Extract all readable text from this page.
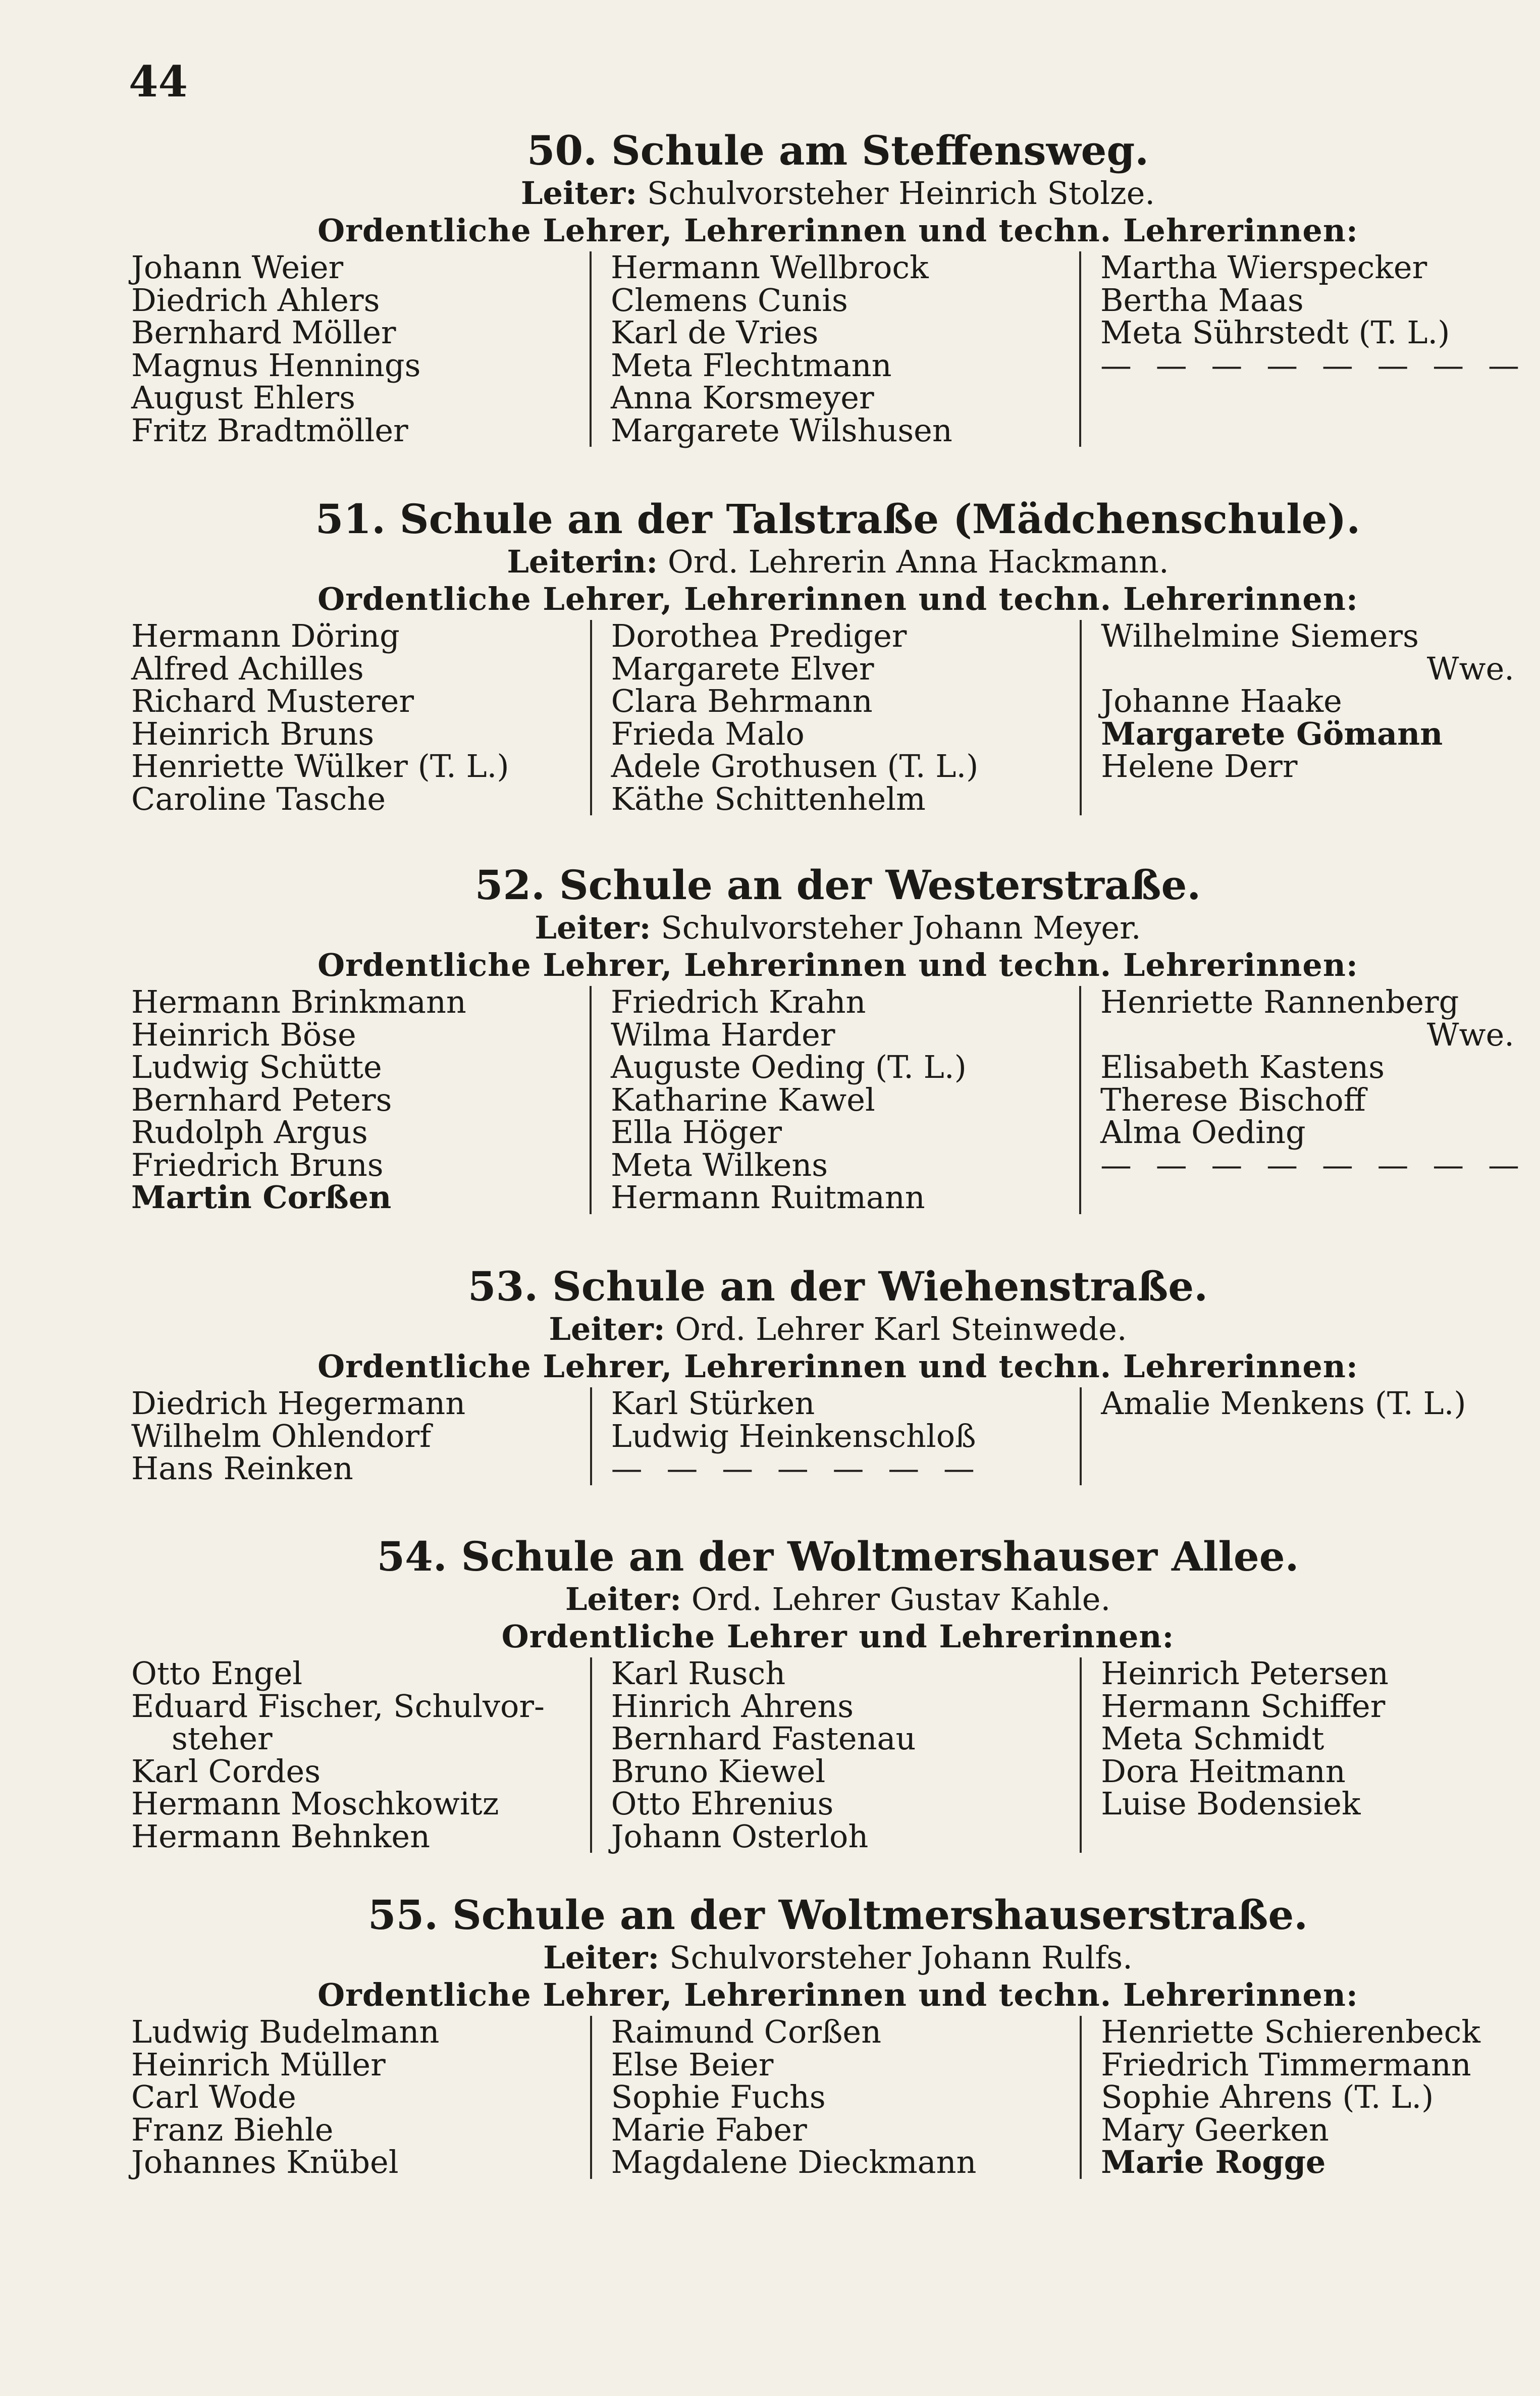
44
50. Schule am Steffensweg.
Leiter: Schulvorsteher Heinrich Stolze.
Ordentliche Lehrer, Lehrerinnen und techn. Lehrerinnen:
Johann Weier
Diedrich Ahlers
Bernhard Möller
Magnus Hennings
August Ehlers
Fritz Bradtmöller
Hermann Wellbrock
Clemens Cunis
Karl de Vries
Meta Flechtmann
Anna Korsmeyer
Margarete Wilshusen
Martha Wierspecker
Bertha Maas
Meta Sührstedt (T. L.)
— — — — — — — —
51. Schule an der Talstraße (Mädchenschule).
Leiterin: Ord. Lehrerin Anna Hackmann.
Ordentliche Lehrer, Lehrerinnen und techn. Lehrerinnen:
Hermann Döring
Alfred Achilles
Richard Musterer
Heinrich Bruns
Henriette Wülker (T. L.)
Caroline Tasche
Dorothea Prediger
Margarete Elver
Clara Behrmann
Frieda Malo
Adele Grothusen (T. L.)
Käthe Schittenhelm
Wilhelmine Siemers
Wwe.
Johanne Haake
Margarete Gömann
Helene Derr
52. Schule an der Westerstraße.
Leiter: Schulvorsteher Johann Meyer.
Ordentliche Lehrer, Lehrerinnen und techn. Lehrerinnen:
Hermann Brinkmann
Heinrich Böse
Ludwig Schütte
Bernhard Peters
Rudolph Argus
Friedrich Bruns
Martin Corßen
Friedrich Krahn
Wilma Harder
Auguste Oeding (T. L.)
Katharine Kawel
Ella Höger
Meta Wilkens
Hermann Ruitmann
Henriette Rannenberg
Wwe.
Elisabeth Kastens
Therese Bischoff
Alma Oeding
— — — — — — — —
53. Schule an der Wiehenstraße.
Leiter: Ord. Lehrer Karl Steinwede.
Ordentliche Lehrer, Lehrerinnen und techn. Lehrerinnen:
Diedrich Hegermann
Wilhelm Ohlendorf
Hans Reinken
Karl Stürken
Ludwig Heinkenschloß
— — — — — — —
Amalie Menkens (T. L.)
54. Schule an der Woltmershauser Allee.
Leiter: Ord. Lehrer Gustav Kahle.
Ordentliche Lehrer und Lehrerinnen:
Otto Engel
Eduard Fischer, Schulvor-
steher
Karl Cordes
Hermann Moschkowitz
Hermann Behnken
Karl Rusch
Hinrich Ahrens
Bernhard Fastenau
Bruno Kiewel
Otto Ehrenius
Johann Osterloh
Heinrich Petersen
Hermann Schiffer
Meta Schmidt
Dora Heitmann
Luise Bodensiek
55. Schule an der Woltmershauserstraße.
Leiter: Schulvorsteher Johann Rulfs.
Ordentliche Lehrer, Lehrerinnen und techn. Lehrerinnen:
Ludwig Budelmann
Heinrich Müller
Carl Wode
Franz Biehle
Johannes Knübel
Raimund Corßen
Else Beier
Sophie Fuchs
Marie Faber
Magdalene Dieckmann
Henriette Schierenbeck
Friedrich Timmermann
Sophie Ahrens (T. L.)
Mary Geerken
Marie Rogge
